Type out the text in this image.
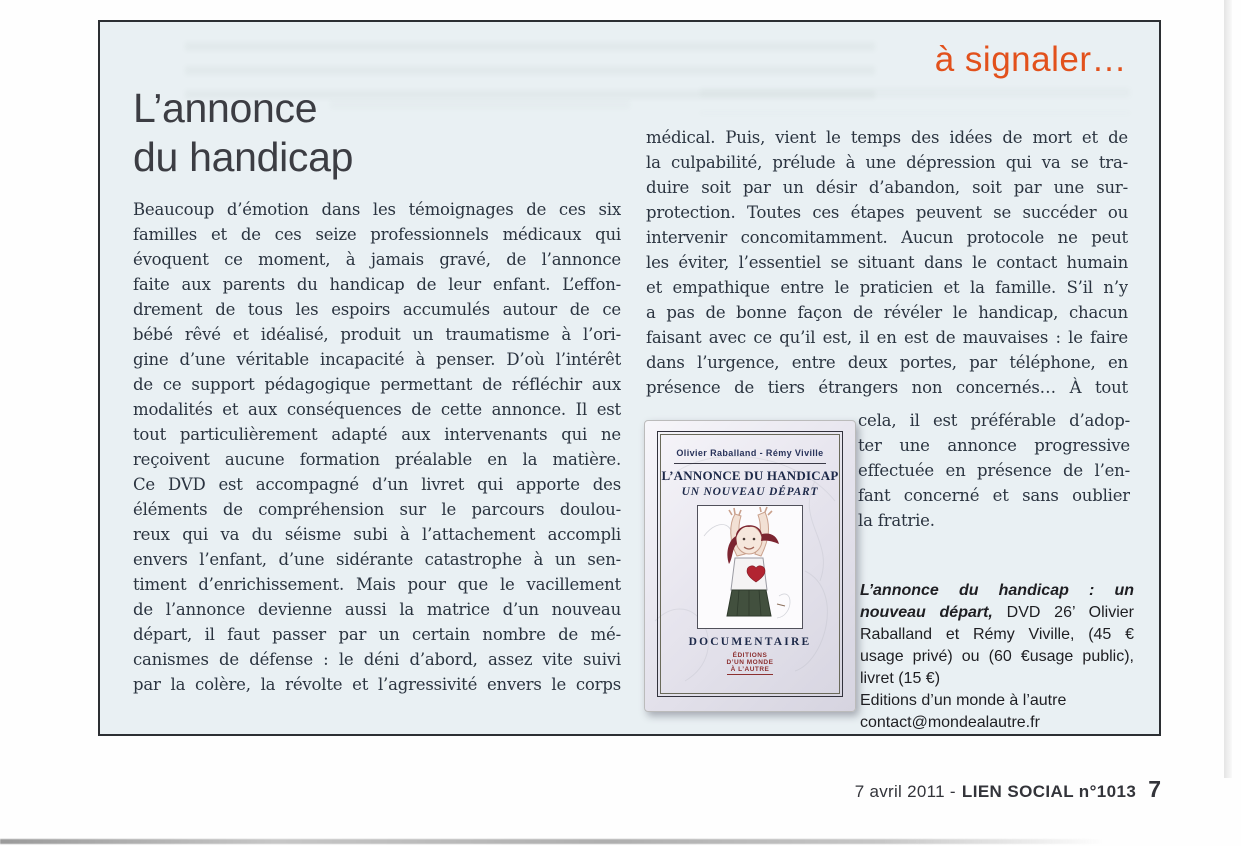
à signaler…
L’annonce
du handicap
Beaucoup d’émotion dans les témoignages de ces six
familles et de ces seize professionnels médicaux qui
évoquent ce moment, à jamais gravé, de l’annonce
faite aux parents du handicap de leur enfant. L’effon-
drement de tous les espoirs accumulés autour de ce
bébé rêvé et idéalisé, produit un traumatisme à l’ori-
gine d’une véritable incapacité à penser. D’où l’intérêt
de ce support pédagogique permettant de réfléchir aux
modalités et aux conséquences de cette annonce. Il est
tout particulièrement adapté aux intervenants qui ne
reçoivent aucune formation préalable en la matière.
Ce DVD est accompagné d’un livret qui apporte des
éléments de compréhension sur le parcours doulou-
reux qui va du séisme subi à l’attachement accompli
envers l’enfant, d’une sidérante catastrophe à un sen-
timent d’enrichissement. Mais pour que le vacillement
de l’annonce devienne aussi la matrice d’un nouveau
départ, il faut passer par un certain nombre de mé-
canismes de défense : le déni d’abord, assez vite suivi
par la colère, la révolte et l’agressivité envers le corps
médical. Puis, vient le temps des idées de mort et de
la culpabilité, prélude à une dépression qui va se tra-
duire soit par un désir d’abandon, soit par une sur-
protection. Toutes ces étapes peuvent se succéder ou
intervenir concomitamment. Aucun protocole ne peut
les éviter, l’essentiel se situant dans le contact humain
et empathique entre le praticien et la famille. S’il n’y
a pas de bonne façon de révéler le handicap, chacun
faisant avec ce qu’il est, il en est de mauvaises : le faire
dans l’urgence, entre deux portes, par téléphone, en
présence de tiers étrangers non concernés… À tout
cela, il est préférable d’adop-
ter une annonce progressive
effectuée en présence de l’en-
fant concerné et sans oublier
la fratrie.
Olivier Raballand - Rémy Viville
L’ANNONCE DU HANDICAP
UN NOUVEAU DÉPART
DOCUMENTAIRE
ÉDITIONS
D’UN MONDE
À L’AUTRE

L’annonce du handicap : un nouveau départ, DVD 26’ Olivier Raballand et Rémy Viville, (45 € usage privé) ou (60 €usage public), livret (15 €)

Editions d’un monde à l’autre
contact@mondealautre.fr
7 avril 2011 - LIEN SOCIAL n°1013 7
